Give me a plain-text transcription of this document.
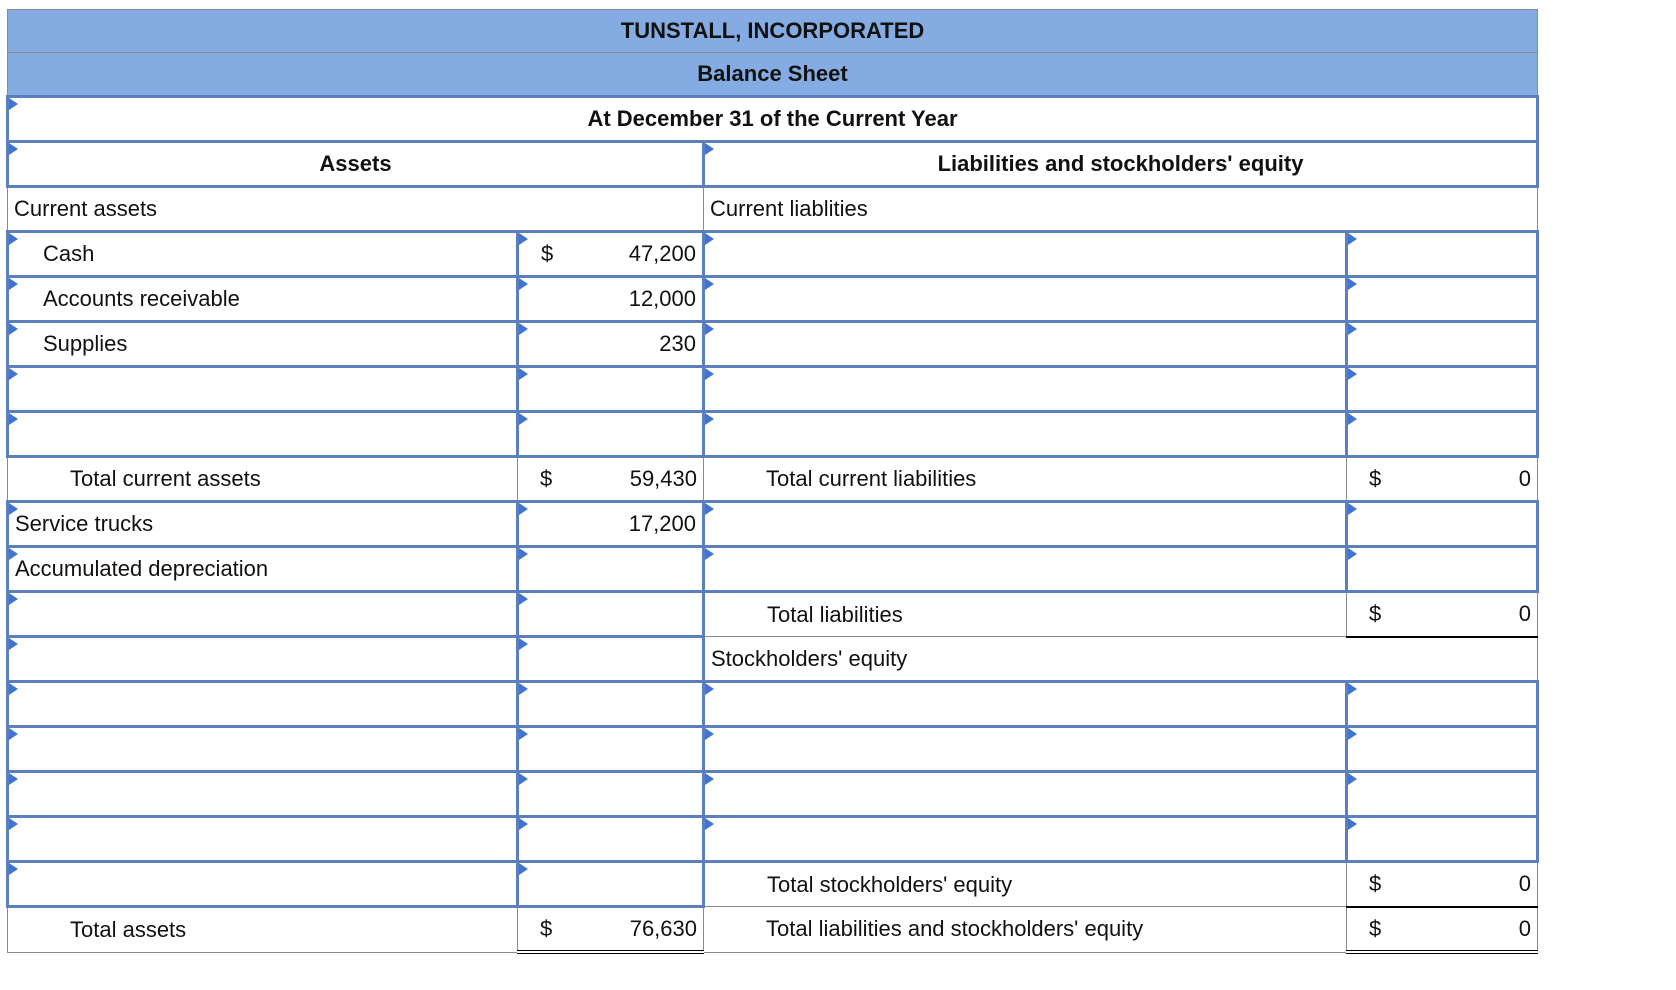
TUNSTALL, INCORPORATED			
Balance Sheet			
At December 31 of the Current Year			
Assets		Liabilities and stockholders' equity	
Current assets		Current liablities	
Cash	$ 47,200		
Accounts receivable	12,000		
Supplies	230		

Total current assets	$ 59,430	Total current liabilities	$ 0
Service trucks	17,200		
Accumulated depreciation			
		Total liabilities	$ 0
		Stockholders' equity	

		Total stockholders' equity	$ 0
Total assets	$ 76,630	Total liabilities and stockholders' equity	$ 0
